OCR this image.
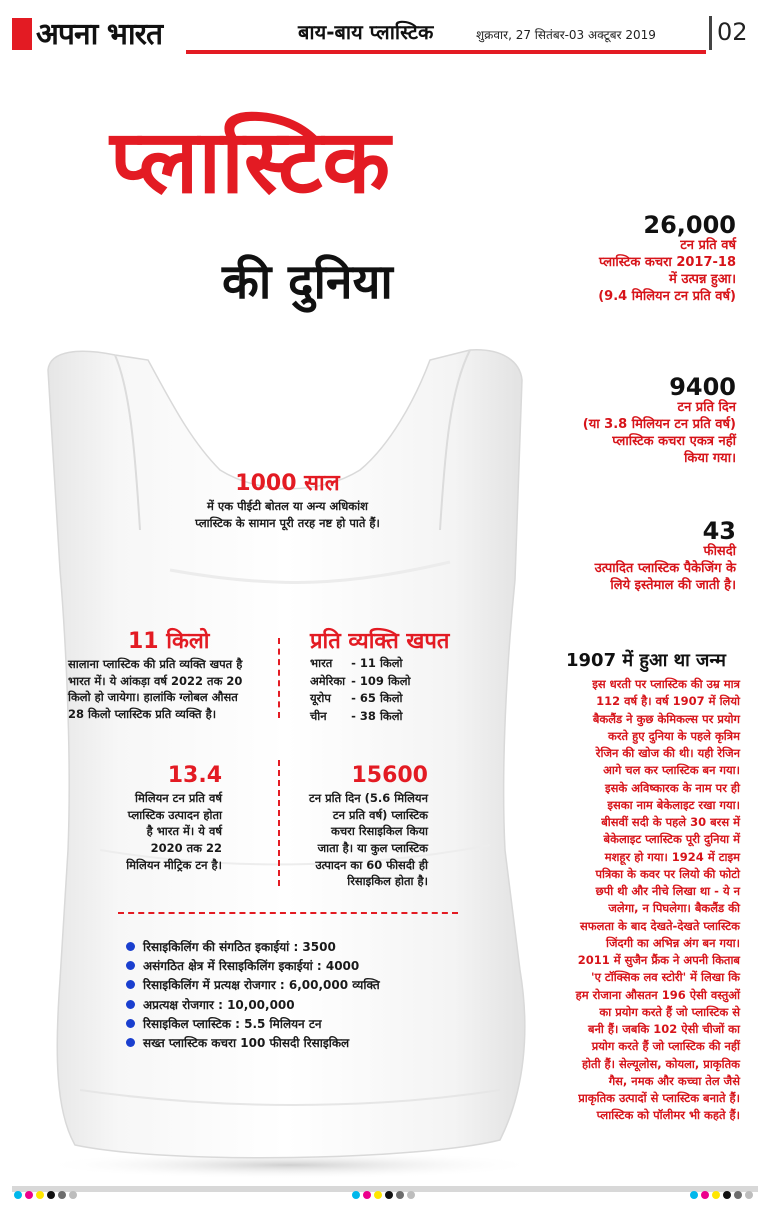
अपना भारत	बाय-बाय प्लास्टिक	शुक्रवार, 27 सितंबर-03 अक्टूबर 2019	02
प्लास्टिक
की दुनिया
1000 साल
में एक पीईटी बोतल या अन्य अधिकांश
प्लास्टिक के सामान पूरी तरह नष्ट हो पाते हैं।
11 किलो
सालाना प्लास्टिक की प्रति व्यक्ति खपत है
भारत में। ये आंकड़ा वर्ष 2022 तक 20
किलो हो जायेगा। हालांकि ग्लोबल औसत
28 किलो प्लास्टिक प्रति व्यक्ति है।
प्रति व्यक्ति खपत
भारत	- 11 किलो
अमेरिका	- 109 किलो
यूरोप	- 65 किलो
चीन	- 38 किलो
13.4
मिलियन टन प्रति वर्ष
प्लास्टिक उत्पादन होता
है भारत में। ये वर्ष
2020 तक 22
मिलियन मीट्रिक टन है।
15600
टन प्रति दिन (5.6 मिलियन
टन प्रति वर्ष) प्लास्टिक
कचरा रिसाइकिल किया
जाता है। या कुल प्लास्टिक
उत्पादन का 60 फीसदी ही
रिसाइकिल होता है।
रिसाइकिलिंग की संगठित इकाईयां : 3500
असंगठित क्षेत्र में रिसाइकिलिंग इकाईयां : 4000
रिसाइकिलिंग में प्रत्यक्ष रोजगार : 6,00,000 व्यक्ति
अप्रत्यक्ष रोजगार : 10,00,000
रिसाइकिल प्लास्टिक : 5.5 मिलियन टन
सख्त प्लास्टिक कचरा 100 फीसदी रिसाइकिल
26,000
टन प्रति वर्ष
प्लास्टिक कचरा 2017-18
में उत्पन्न हुआ।
(9.4 मिलियन टन प्रति वर्ष)
9400
टन प्रति दिन
(या 3.8 मिलियन टन प्रति वर्ष)
प्लास्टिक कचरा एकत्र नहीं
किया गया।
43
फीसदी
उत्पादित प्लास्टिक पैकेजिंग के
लिये इस्तेमाल की जाती है।
1907 में हुआ था जन्म
इस धरती पर प्लास्टिक की उम्र मात्र
112 वर्ष है। वर्ष 1907 में लियो
बैकलैंड ने कुछ केमिकल्स पर प्रयोग
करते हुए दुनिया के पहले कृत्रिम
रेजिन की खोज की थी। यही रेजिन
आगे चल कर प्लास्टिक बन गया।
इसके अविष्कारक के नाम पर ही
इसका नाम बेकेलाइट रखा गया।
बीसवीं सदी के पहले 30 बरस में
बेकेलाइट प्लास्टिक पूरी दुनिया में
मशहूर हो गया। 1924 में टाइम
पत्रिका के कवर पर लियो की फोटो
छपी थी और नीचे लिखा था - ये न
जलेगा, न पिघलेगा। बैकलैंड की
सफलता के बाद देखते-देखते प्लास्टिक
जिंदगी का अभिन्न अंग बन गया।
2011 में सुजैन फ्रैंक ने अपनी किताब
'ए टॉक्सिक लव स्टोरी' में लिखा कि
हम रोजाना औसतन 196 ऐसी वस्तुओं
का प्रयोग करते हैं जो प्लास्टिक से
बनी हैं। जबकि 102 ऐसी चीजों का
प्रयोग करते हैं जो प्लास्टिक की नहीं
होती हैं। सेल्यूलोस, कोयला, प्राकृतिक
गैस, नमक और कच्चा तेल जैसे
प्राकृतिक उत्पादों से प्लास्टिक बनाते हैं।
प्लास्टिक को पॉलीमर भी कहते हैं।
